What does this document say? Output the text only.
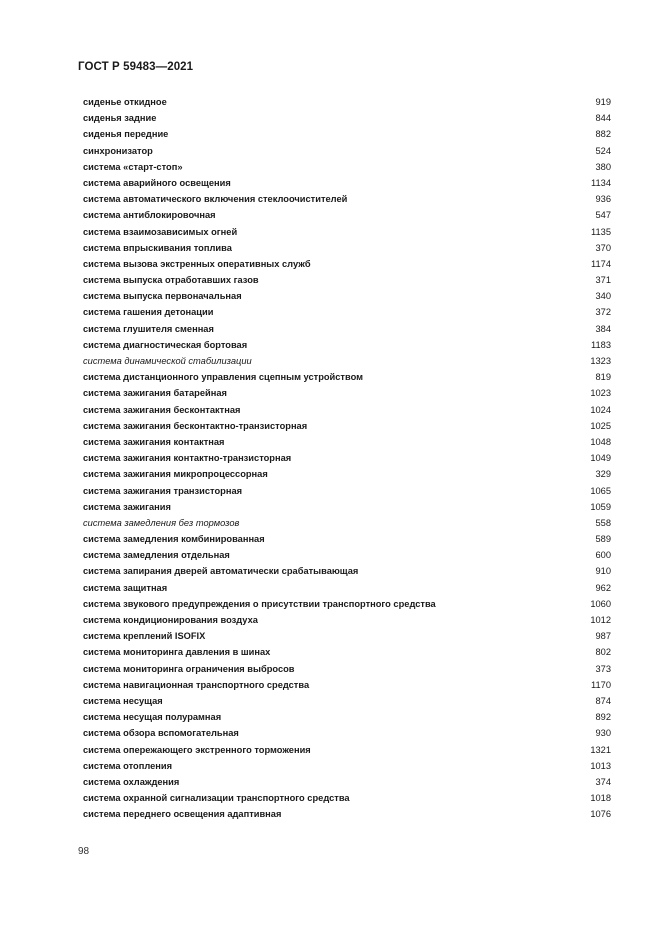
ГОСТ Р 59483—2021
сиденье откидное	919
сиденья задние	844
сиденья передние	882
синхронизатор	524
система «старт-стоп»	380
система аварийного освещения	1134
система автоматического включения стеклоочистителей	936
система антиблокировочная	547
система взаимозависимых огней	1135
система впрыскивания топлива	370
система вызова экстренных оперативных служб	1174
система выпуска отработавших газов	371
система выпуска первоначальная	340
система гашения детонации	372
система глушителя сменная	384
система диагностическая бортовая	1183
система динамической стабилизации	1323
система дистанционного управления сцепным устройством	819
система зажигания батарейная	1023
система зажигания бесконтактная	1024
система зажигания бесконтактно-транзисторная	1025
система зажигания контактная	1048
система зажигания контактно-транзисторная	1049
система зажигания микропроцессорная	329
система зажигания транзисторная	1065
система зажигания	1059
система замедления без тормозов	558
система замедления комбинированная	589
система замедления отдельная	600
система запирания дверей автоматически срабатывающая	910
система защитная	962
система звукового предупреждения о присутствии транспортного средства	1060
система кондиционирования воздуха	1012
система креплений ISOFIX	987
система мониторинга давления в шинах	802
система мониторинга ограничения выбросов	373
система навигационная транспортного средства	1170
система несущая	874
система несущая полурамная	892
система обзора вспомогательная	930
система опережающего экстренного торможения	1321
система отопления	1013
система охлаждения	374
система охранной сигнализации транспортного средства	1018
система переднего освещения адаптивная	1076
98
